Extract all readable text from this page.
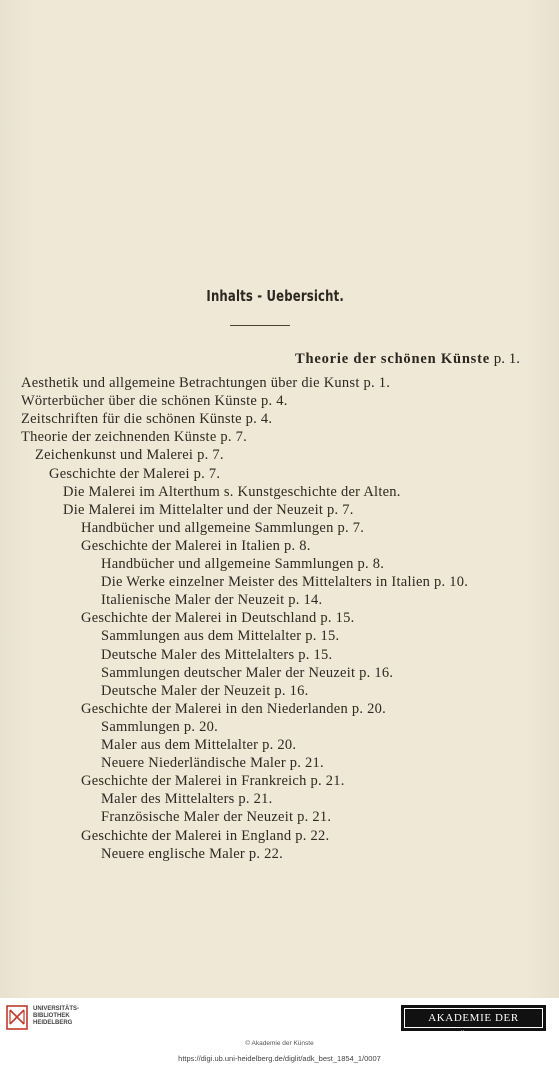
Inhalts - Uebersicht.
Theorie der schönen Künste p. 1.
Aesthetik und allgemeine Betrachtungen über die Kunst p. 1.
Wörterbücher über die schönen Künste p. 4.
Zeitschriften für die schönen Künste p. 4.
Theorie der zeichnenden Künste p. 7.
Zeichenkunst und Malerei p. 7.
Geschichte der Malerei p. 7.
Die Malerei im Alterthum s. Kunstgeschichte der Alten.
Die Malerei im Mittelalter und der Neuzeit p. 7.
Handbücher und allgemeine Sammlungen p. 7.
Geschichte der Malerei in Italien p. 8.
Handbücher und allgemeine Sammlungen p. 8.
Die Werke einzelner Meister des Mittelalters in Italien p. 10.
Italienische Maler der Neuzeit p. 14.
Geschichte der Malerei in Deutschland p. 15.
Sammlungen aus dem Mittelalter p. 15.
Deutsche Maler des Mittelalters p. 15.
Sammlungen deutscher Maler der Neuzeit p. 16.
Deutsche Maler der Neuzeit p. 16.
Geschichte der Malerei in den Niederlanden p. 20.
Sammlungen p. 20.
Maler aus dem Mittelalter p. 20.
Neuere Niederländische Maler p. 21.
Geschichte der Malerei in Frankreich p. 21.
Maler des Mittelalters p. 21.
Französische Maler der Neuzeit p. 21.
Geschichte der Malerei in England p. 22.
Neuere englische Maler p. 22.
UNIVERSITÄTS-
BIBLIOTHEK
HEIDELBERG	AKADEMIE DER KÜNSTE
© Akademie der Künste
https://digi.ub.uni-heidelberg.de/diglit/adk_best_1854_1/0007
